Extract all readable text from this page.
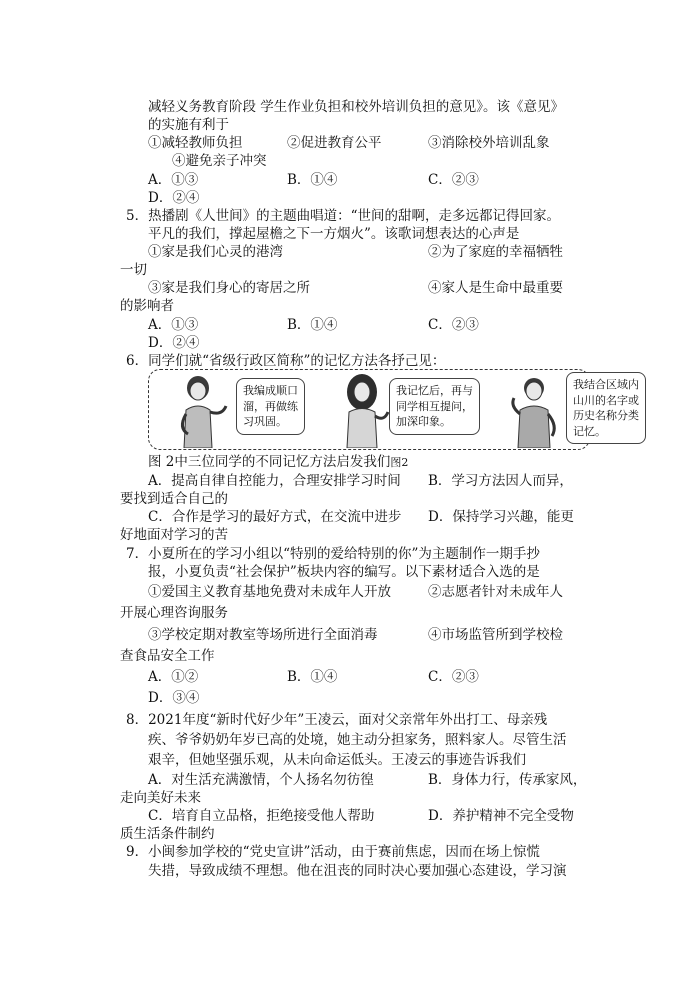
减轻义务教育阶段 学生作业负担和校外培训负担的意见》。该《意见》
的实施有利于
①减轻教师负担	②促进教育公平	③消除校外培训乱象
④避免亲子冲突
A．①③	B．①④	C．②③
D．②④
5．热播剧《人世间》的主题曲唱道：“世间的甜啊，走多远都记得回家。
平凡的我们，撑起屋檐之下一方烟火”。该歌词想表达的心声是
①家是我们心灵的港湾	②为了家庭的幸福牺牲
一切
③家是我们身心的寄居之所	④家人是生命中最重要
的影响者
A．①③	B．①④	C．②③
D．②④
6．同学们就“省级行政区简称”的记忆方法各抒己见：
我编成顺口
溜，再做练
习巩固。
我记忆后，再与
同学相互提问，
加深印象。
我结合区域内
山川的名字或
历史名称分类
记忆。
图 2中三位同学的不同记忆方法启发我们图2
A．提高自律自控能力，合理安排学习时间 B．学习方法因人而异，
要找到适合自己的
C．合作是学习的最好方式，在交流中进步 D．保持学习兴趣，能更
好地面对学习的苦
7．小夏所在的学习小组以“特别的爱给特别的你”为主题制作一期手抄
报，小夏负责“社会保护”板块内容的编写。以下素材适合入选的是
①爱国主义教育基地免费对未成年人开放	②志愿者针对未成年人
开展心理咨询服务
③学校定期对教室等场所进行全面消毒	④市场监管所到学校检
查食品安全工作
A．①②	B．①④	C．②③
D．③④
8．2021年度“新时代好少年”王凌云，面对父亲常年外出打工、母亲残
疾、爷爷奶奶年岁已高的处境，她主动分担家务，照料家人。尽管生活
艰辛，但她坚强乐观，从未向命运低头。王凌云的事迹告诉我们
A．对生活充满激情，个人扬名勿彷徨	B．身体力行，传承家风，
走向美好未来
C．培育自立品格，拒绝接受他人帮助	D．养护精神不完全受物
质生活条件制约
9．小闽参加学校的“党史宣讲”活动，由于赛前焦虑，因而在场上惊慌
失措，导致成绩不理想。他在沮丧的同时决心要加强心态建设，学习演
